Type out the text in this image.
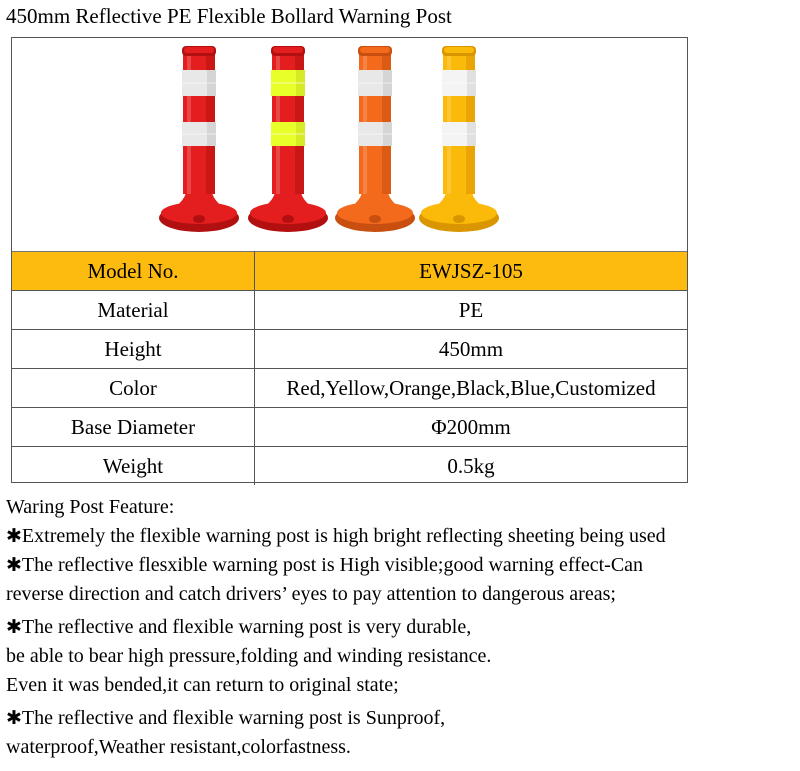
450mm Reflective PE Flexible Bollard Warning Post
Model No.	EWJSZ-105
Material	PE
Height	450mm
Color	Red,Yellow,Orange,Black,Blue,Customized
Base Diameter	Φ200mm
Weight	0.5kg

Waring Post Feature:

✱Extremely the flexible warning post is high bright reflecting sheeting being used

✱The reflective flesxible warning post is High visible;good warning effect-Can

reverse direction and catch drivers’ eyes to pay attention to dangerous areas;

✱The reflective and flexible warning post is very durable,

be able to bear high pressure,folding and winding resistance.

Even it was bended,it can return to original state;

✱The reflective and flexible warning post is Sunproof,

waterproof,Weather resistant,colorfastness.
